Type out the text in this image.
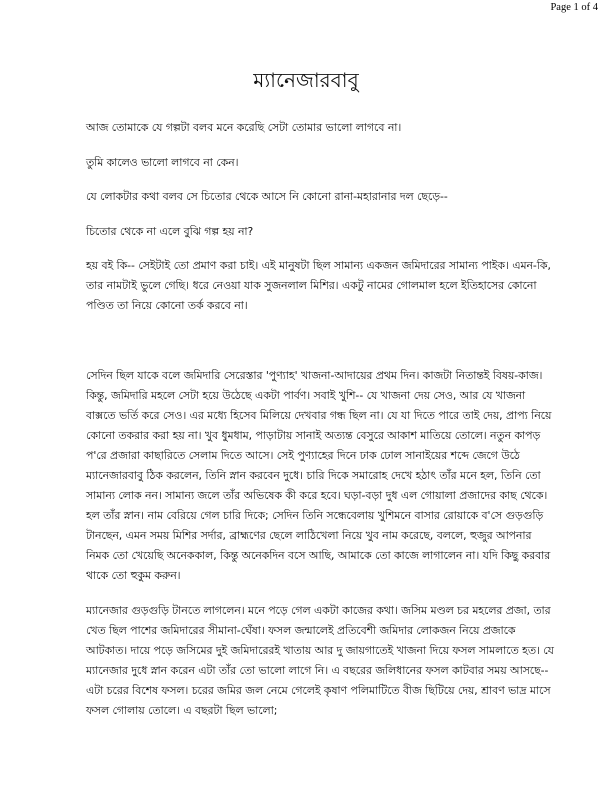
Page 1 of 4
ম্যানেজারবাবু

আজ তোমাকে যে গল্পটা বলব মনে করেছি সেটা তোমার ভালো লাগবে না।

তুমি কালেও ভালো লাগবে না কেন।

যে লোকটার কথা বলব সে চিতোর থেকে আসে নি কোনো রানা-মহারানার দল ছেড়ে--

চিতোর থেকে না এলে বুঝি গল্প হয় না?

হয় বই কি-- সেইটাই তো প্রমাণ করা চাই। এই মানুষটা ছিল সামান্য একজন জমিদারের সামান্য পাইক। এমন-কি, তার নামটাই ভুলে গেছি। ধরে নেওয়া যাক সুজনলাল মিশির। একটু নামের গোলমাল হলে ইতিহাসের কোনো পণ্ডিত তা নিয়ে কোনো তর্ক করবে না।

সেদিন ছিল যাকে বলে জমিদারি সেরেস্তার 'পুণ্যাহ' খাজনা-আদায়ের প্রথম দিন। কাজটা নিতান্তই বিষয়-কাজ। কিন্তু, জমিদারি মহলে সেটা হয়ে উঠেছে একটা পার্বণ। সবাই খুশি-- যে খাজনা দেয় সেও, আর যে খাজনা বাক্সতে ভর্তি করে সেও। এর মধ্যে হিসেব মিলিয়ে দেখবার গন্ধ ছিল না। যে যা দিতে পারে তাই দেয়, প্রাপ্য নিয়ে কোনো তকরার করা হয় না। খুব ধুমধাম, পাড়াটায় সানাই অত্যন্ত বেসুরে আকাশ মাতিয়ে তোলে। নতুন কাপড় প'রে প্রজারা কাছারিতে সেলাম দিতে আসে। সেই পুণ্যাহের দিনে ঢাক ঢোল সানাইয়ের শব্দে জেগে উঠে ম্যানেজারবাবু ঠিক করলেন, তিনি স্নান করবেন দুধে। চারি দিকে সমারোহ দেখে হঠাৎ তাঁর মনে হল, তিনি তো সামান্য লোক নন। সামান্য জলে তাঁর অভিষেক কী করে হবে। ঘড়া-বড়া দুধ এল গোয়ালা প্রজাদের কাছ থেকে। হল তাঁর স্নান। নাম বেরিয়ে গেল চারি দিকে; সেদিন তিনি সন্ধেবেলায় খুশিমনে বাসার রোয়াকে ব'সে গুড়গুড়ি টানছেন, এমন সময় মিশির সর্দার, ব্রাহ্মণের ছেলে লাঠিখেলা নিয়ে খুব নাম করেছে, বললে, হুজুর আপনার নিমক তো খেয়েছি অনেককাল, কিন্তু অনেকদিন বসে আছি, আমাকে তো কাজে লাগালেন না। যদি কিছু করবার থাকে তো হুকুম করুন।

ম্যানেজার গুড়গুড়ি টানতে লাগলেন। মনে পড়ে গেল একটা কাজের কথা। জসিম মণ্ডল চর মহলের প্রজা, তার খেত ছিল পাশের জমিদারের সীমানা-ঘেঁষা। ফসল জন্মালেই প্রতিবেশী জমিদার লোকজন নিয়ে প্রজাকে আটকাত। দায়ে পড়ে জসিমের দুই জমিদারেরই খাতায় আর দু জায়গাতেই খাজনা দিয়ে ফসল সামলাতে হত। যে ম্যানেজার দুধে স্নান করেন এটা তাঁর তো ভালো লাগে নি। এ বছরের জলিধানের ফসল কাটবার সময় আসছে-- এটা চরের বিশেষ ফসল। চরের জমির জল নেমে গেলেই কৃষাণ পলিমাটিতে বীজ ছিটিয়ে দেয়, শ্রাবণ ভাদ্র মাসে ফসল গোলায় তোলে। এ বছরটা ছিল ভালো;
